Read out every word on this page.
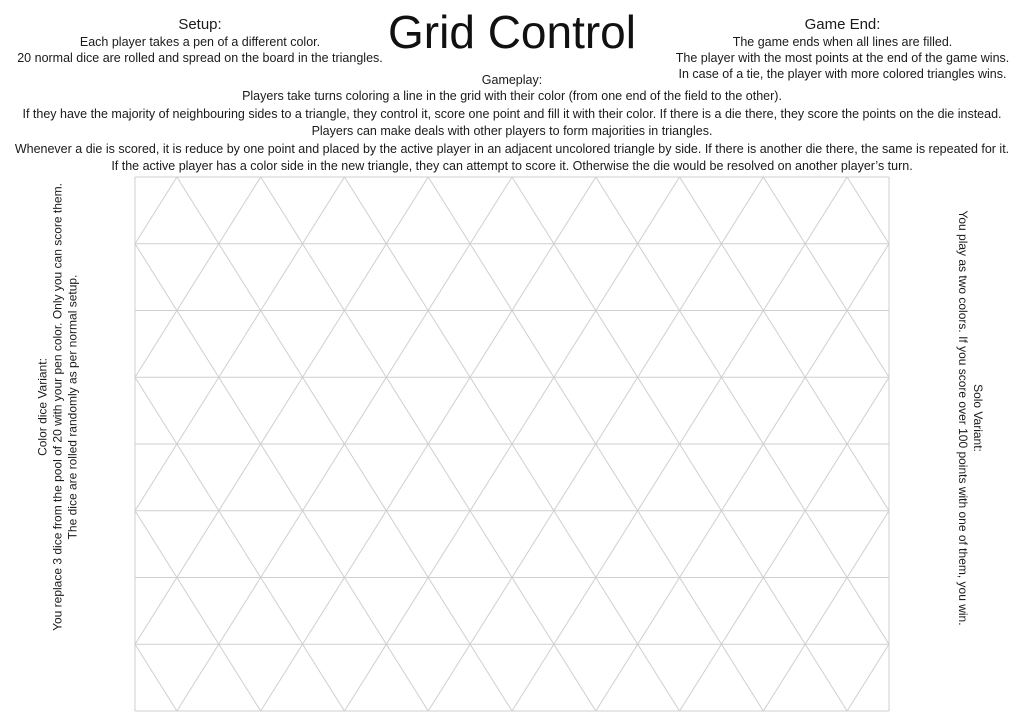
Grid Control
Setup:
Each player takes a pen of a different color.
20 normal dice are rolled and spread on the board in the triangles.
Game End:
The game ends when all lines are filled.
The player with the most points at the end of the game wins.
In case of a tie, the player with more colored triangles wins.
Gameplay:
Players take turns coloring a line in the grid with their color (from one end of the field to the other).
If they have the majority of neighbouring sides to a triangle, they control it, score one point and fill it with their color. If there is a die there, they score the points on the die instead.
Players can make deals with other players to form majorities in triangles.
Whenever a die is scored, it is reduce by one point and placed by the active player in an adjacent uncolored triangle by side. If there is another die there, the same is repeated for it.
If the active player has a color side in the new triangle, they can attempt to score it. Otherwise the die would be resolved on another player’s turn.
Color dice Variant: You replace 3 dice from the pool of 20 with your pen color. Only you can score them. The dice are rolled randomly as per normal setup.	Solo Variant:
You play as two colors. If you score over 100 points with one of them, you win.
